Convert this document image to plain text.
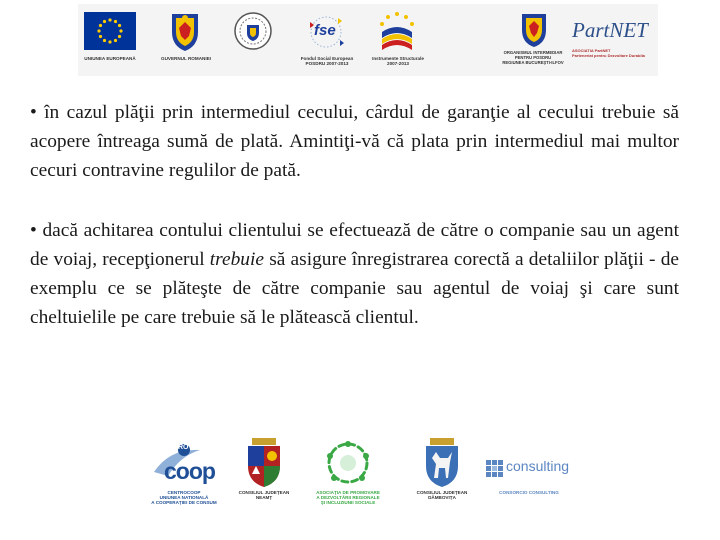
UNIUNEA EUROPEANĂ	GUVERNUL ROMANIEI
fse
Fondul Social European
POSDRU 2007-2013
Instrumente Structurale
2007-2013
ORGANISMUL INTERMEDIAR
PENTRU POSDRU
REGIUNEA BUCUREŞTI-ILFOV
PartNET
ASOCIATIA PartNET
Parteneriat pentru Dezvoltare Durabila

• în cazul plăţii prin intermediul cecului, cârdul de garanţie al cecului trebuie să acopere întreaga sumă de plată. Amintiţi-vă că plata prin intermediul mai multor cecuri contravine regulilor de pată.

• dacă achitarea contului clientului se efectuează de către o companie sau un agent de voiaj, recepţionerul trebuie să asigure înregistrarea corectă a detaliilor plăţii - de exemplu ce se plăteşte de către companie sau agentul de voiaj şi care sunt cheltuielile pe care trebuie să le plătească clientul.

RO
coop
CENTROCOOP
UNIUNEA NATIONALĂ
A COOPERAȚIEI DE CONSUM
CONSILIUL JUDEȚEAN
NEAMȚ
ASOCIAȚIA DE PROMOVARE
A DEZVOLTĂRII REGIONALE
ŞI INCLUZIUNII SOCIALE
CONSILIUL JUDEȚEAN
DÂMBOVIȚA
consulting
CONSORCIO CONSULTING
